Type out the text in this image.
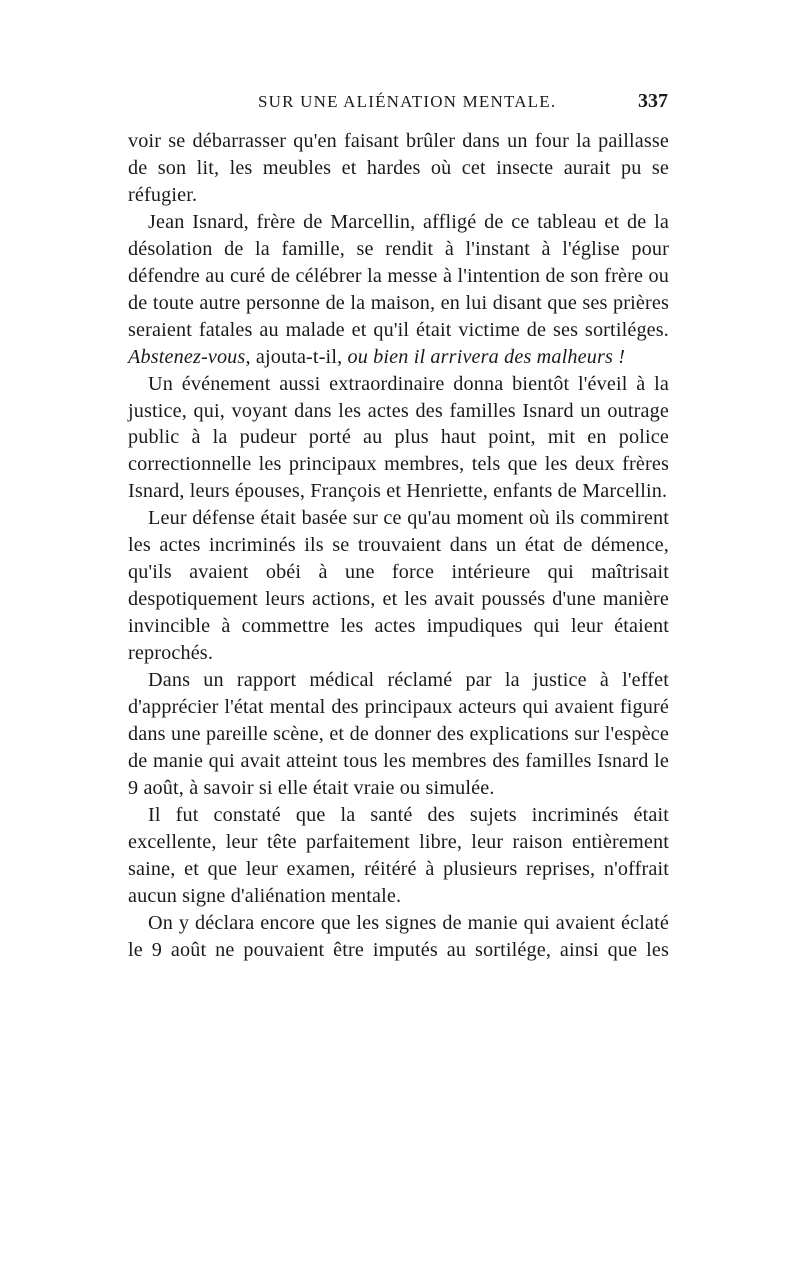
SUR UNE ALIÉNATION MENTALE.	337

voir se débarrasser qu'en faisant brûler dans un four la paillasse de son lit, les meubles et hardes où cet insecte aurait pu se réfugier.

Jean Isnard, frère de Marcellin, affligé de ce tableau et de la désolation de la famille, se rendit à l'instant à l'église pour défendre au curé de célébrer la messe à l'intention de son frère ou de toute autre personne de la maison, en lui disant que ses prières seraient fatales au malade et qu'il était victime de ses sortiléges. Abstenez-vous, ajouta-t-il, ou bien il arrivera des malheurs !

Un événement aussi extraordinaire donna bientôt l'éveil à la justice, qui, voyant dans les actes des familles Isnard un outrage public à la pudeur porté au plus haut point, mit en police correctionnelle les principaux membres, tels que les deux frères Isnard, leurs épouses, François et Henriette, enfants de Marcellin.

Leur défense était basée sur ce qu'au moment où ils commirent les actes incriminés ils se trouvaient dans un état de démence, qu'ils avaient obéi à une force intérieure qui maîtrisait despotiquement leurs actions, et les avait poussés d'une manière invincible à commettre les actes impudiques qui leur étaient reprochés.

Dans un rapport médical réclamé par la justice à l'effet d'apprécier l'état mental des principaux acteurs qui avaient figuré dans une pareille scène, et de donner des explications sur l'espèce de manie qui avait atteint tous les membres des familles Isnard le 9 août, à savoir si elle était vraie ou simulée.

Il fut constaté que la santé des sujets incriminés était excellente, leur tête parfaitement libre, leur raison entièrement saine, et que leur examen, réitéré à plusieurs reprises, n'offrait aucun signe d'aliénation mentale.

On y déclara encore que les signes de manie qui avaient éclaté le 9 août ne pouvaient être imputés au sortilége, ainsi que les
